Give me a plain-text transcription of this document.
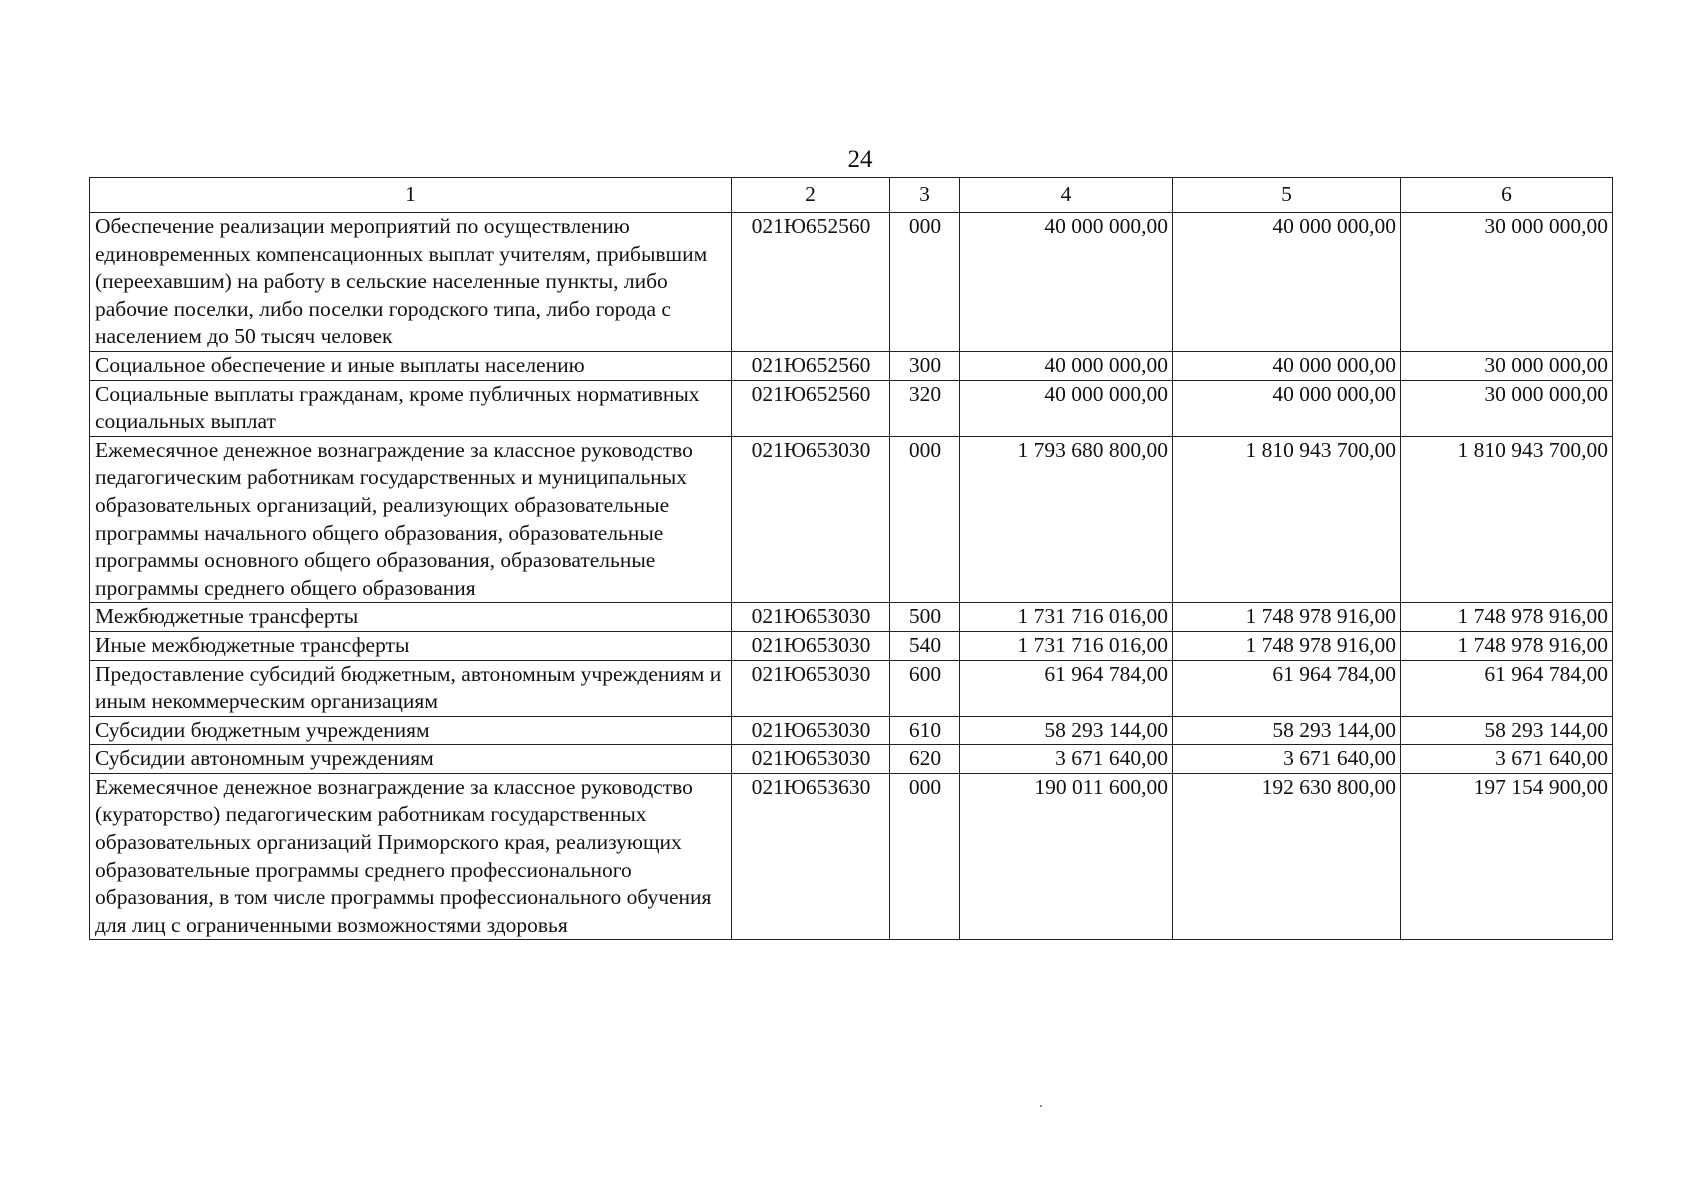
24
1	2	3	4	5	6
Обеспечение реализации мероприятий по осуществлению единовременных компенсационных выплат учителям, прибывшим (переехавшим) на работу в сельские населенные пункты, либо рабочие поселки, либо поселки городского типа, либо города с населением до 50 тысяч человек	021Ю652560	000	40 000 000,00	40 000 000,00	30 000 000,00
Социальное обеспечение и иные выплаты населению	021Ю652560	300	40 000 000,00	40 000 000,00	30 000 000,00
Социальные выплаты гражданам, кроме публичных нормативных социальных выплат	021Ю652560	320	40 000 000,00	40 000 000,00	30 000 000,00
Ежемесячное денежное вознаграждение за классное руководство педагогическим работникам государственных и муниципальных образовательных организаций, реализующих образовательные программы начального общего образования, образовательные программы основного общего образования, образовательные программы среднего общего образования	021Ю653030	000	1 793 680 800,00	1 810 943 700,00	1 810 943 700,00
Межбюджетные трансферты	021Ю653030	500	1 731 716 016,00	1 748 978 916,00	1 748 978 916,00
Иные межбюджетные трансферты	021Ю653030	540	1 731 716 016,00	1 748 978 916,00	1 748 978 916,00
Предоставление субсидий бюджетным, автономным учреждениям и иным некоммерческим организациям	021Ю653030	600	61 964 784,00	61 964 784,00	61 964 784,00
Субсидии бюджетным учреждениям	021Ю653030	610	58 293 144,00	58 293 144,00	58 293 144,00
Субсидии автономным учреждениям	021Ю653030	620	3 671 640,00	3 671 640,00	3 671 640,00
Ежемесячное денежное вознаграждение за классное руководство (кураторство) педагогическим работникам государственных образовательных организаций Приморского края, реализующих образовательные программы среднего профессионального образования, в том числе программы профессионального обучения для лиц с ограниченными возможностями здоровья	021Ю653630	000	190 011 600,00	192 630 800,00	197 154 900,00
